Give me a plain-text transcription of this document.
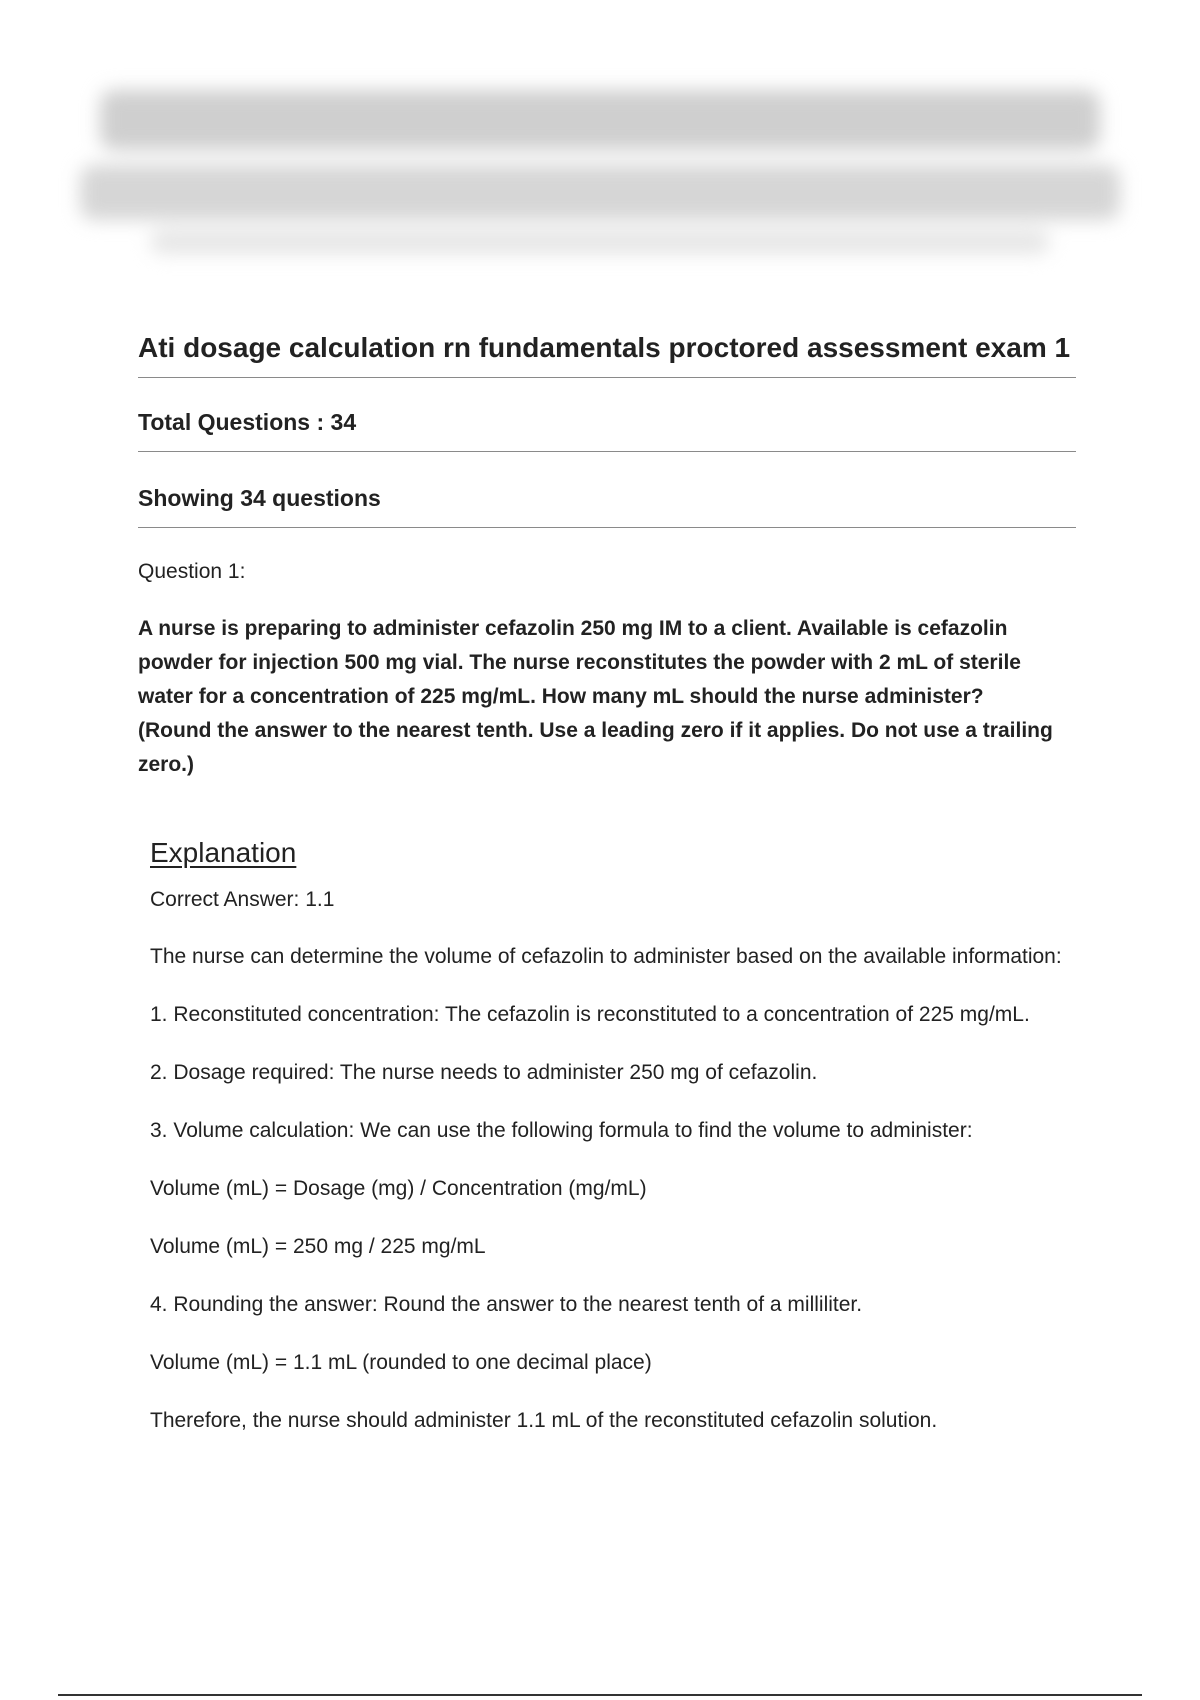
Ati dosage calculation rn fundamentals proctored assessment exam 1
Total Questions : 34
Showing 34 questions
Question 1:

A nurse is preparing to administer cefazolin 250 mg IM to a client. Available is cefazolin powder for injection 500 mg vial. The nurse reconstitutes the powder with 2 mL of sterile water for a concentration of 225 mg/mL. How many mL should the nurse administer? (Round the answer to the nearest tenth. Use a leading zero if it applies. Do not use a trailing zero.)

Explanation
Correct Answer: 1.1

The nurse can determine the volume of cefazolin to administer based on the available information:

1. Reconstituted concentration: The cefazolin is reconstituted to a concentration of 225 mg/mL.

2. Dosage required: The nurse needs to administer 250 mg of cefazolin.

3. Volume calculation: We can use the following formula to find the volume to administer:

Volume (mL) = Dosage (mg) / Concentration (mg/mL)

Volume (mL) = 250 mg / 225 mg/mL

4. Rounding the answer: Round the answer to the nearest tenth of a milliliter.

Volume (mL) = 1.1 mL (rounded to one decimal place)

Therefore, the nurse should administer 1.1 mL of the reconstituted cefazolin solution.
